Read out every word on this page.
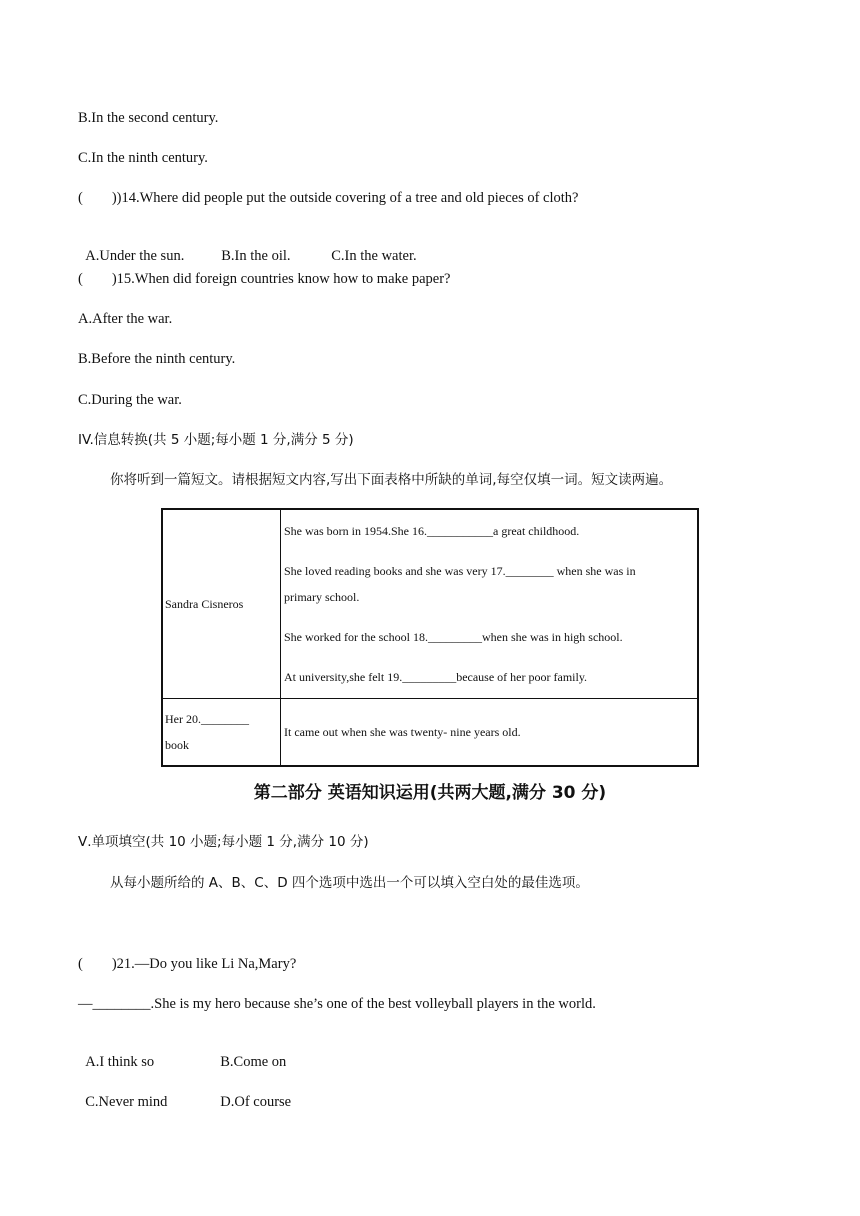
B.In the second century.
C.In the ninth century.
(        ))14.Where did people put the outside covering of a tree and old pieces of cloth?

A.Under the sun.	B.In the oil.	C.In the water.

(        )15.When did foreign countries know how to make paper?
A.After the war.
B.Before the ninth century.
C.During the war.
IV.信息转换(共 5 小题;每小题 1 分,满分 5 分)
你将听到一篇短文。请根据短文内容,写出下面表格中所缺的单词,每空仅填一词。短文读两遍。
Sandra Cisneros	She was born in 1954.She 16.___________a great childhood.
She loved reading books and she was very 17.________ when she was in
primary school.
She worked for the school 18._________when she was in high school.
At university,she felt 19._________because of her poor family.

Her 20.________
book	It came out when she was twenty- nine years old.
第二部分 英语知识运用(共两大题,满分 30 分)
Ⅴ.单项填空(共 10 小题;每小题 1 分,满分 10 分)
从每小题所给的 A、B、C、D 四个选项中选出一个可以填入空白处的最佳选项。
(        )21.—Do you like Li Na,Mary?
—________.She is my hero because she’s one of the best volleyball players in the world.

A.I think so	B.Come on

C.Never mind	D.Of course
